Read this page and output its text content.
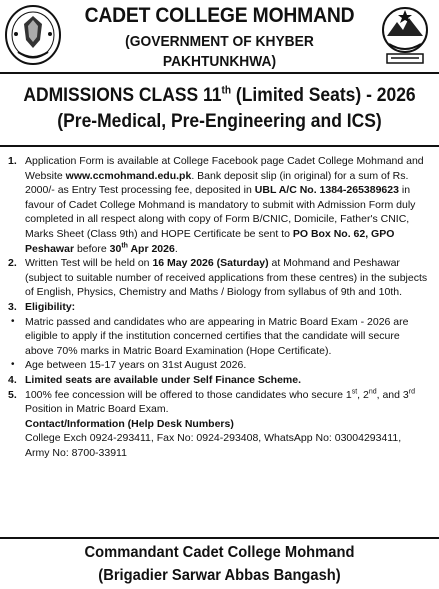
CADET COLLEGE MOHMAND
(GOVERNMENT OF KHYBER PAKHTUNKHWA)
ADMISSIONS CLASS 11th (Limited Seats) - 2026
(Pre-Medical, Pre-Engineering and ICS)
1. Application Form is available at College Facebook page Cadet College Mohmand and Website www.ccmohmand.edu.pk. Bank deposit slip (in original) for a sum of Rs. 2000/- as Entry Test processing fee, deposited in UBL A/C No. 1384-265389623 in favour of Cadet College Mohmand is mandatory to submit with Admission Form duly completed in all respect along with copy of Form B/CNIC, Domicile, Father's CNIC, Marks Sheet (Class 9th) and HOPE Certificate be sent to PO Box No. 62, GPO Peshawar before 30th Apr 2026.
2. Written Test will be held on 16 May 2026 (Saturday) at Mohmand and Peshawar (subject to suitable number of received applications from these centres) in the subjects of English, Physics, Chemistry and Maths / Biology from syllabus of 9th and 10th.
3. Eligibility:
• Matric passed and candidates who are appearing in Matric Board Exam - 2026 are eligible to apply if the institution concerned certifies that the candidate will secure above 70% marks in Matric Board Examination (Hope Certificate).
• Age between 15-17 years on 31st August 2026.
4. Limited seats are available under Self Finance Scheme.
5. 100% fee concession will be offered to those candidates who secure 1st, 2nd, and 3rd Position in Matric Board Exam.
Contact/Information (Help Desk Numbers)
College Exch 0924-293411, Fax No: 0924-293408, WhatsApp No: 03004293411,
Army No: 8700-33911
Commandant Cadet College Mohmand
(Brigadier Sarwar Abbas Bangash)
